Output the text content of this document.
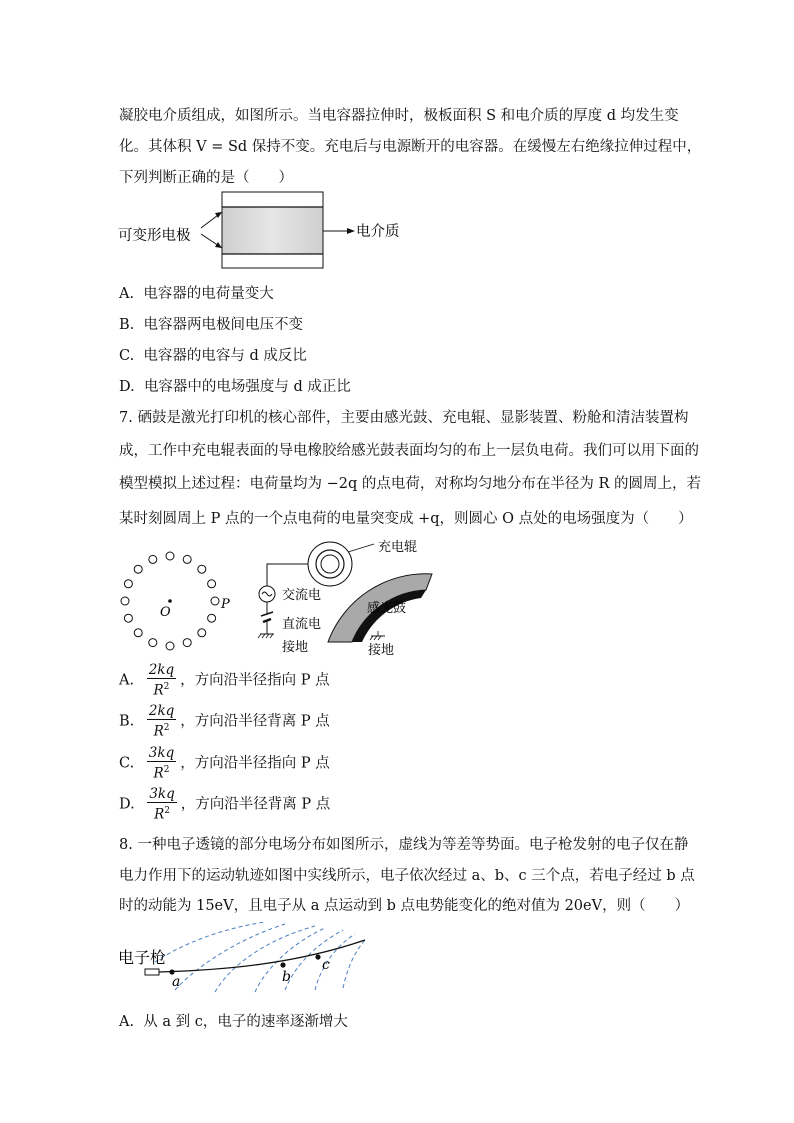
凝胶电介质组成，如图所示。当电容器拉伸时，极板面积 S 和电介质的厚度 d 均发生变
化。其体积 V = Sd 保持不变。充电后与电源断开的电容器。在缓慢左右绝缘拉伸过程中，
下列判断正确的是（　　）
可变形电极	电介质
A. 电容器的电荷量变大
B. 电容器两电极间电压不变
C. 电容器的电容与 d 成反比
D. 电容器中的电场强度与 d 成正比
7. 硒鼓是激光打印机的核心部件，主要由感光鼓、充电辊、显影装置、粉舱和清洁装置构
成，工作中充电辊表面的导电橡胶给感光鼓表面均匀的布上一层负电荷。我们可以用下面的
模型模拟上述过程：电荷量均为 −2q 的点电荷，对称均匀地分布在半径为 R 的圆周上，若
某时刻圆周上 P 点的一个点电荷的电量突变成 +q，则圆心 O 点处的电场强度为（　　）
O
P
充电辊
交流电
直流电
接地
感光鼓
接地
A. $\frac{2kq}{R^2}$ ，方向沿半径指向 P 点
B. $\frac{2kq}{R^2}$ ，方向沿半径背离 P 点
C. $\frac{3kq}{R^2}$ ，方向沿半径指向 P 点
D. $\frac{3kq}{R^2}$ ，方向沿半径背离 P 点
8. 一种电子透镜的部分电场分布如图所示，虚线为等差等势面。电子枪发射的电子仅在静
电力作用下的运动轨迹如图中实线所示，电子依次经过 a、b、c 三个点，若电子经过 b 点
时的动能为 15eV，且电子从 a 点运动到 b 点电势能变化的绝对值为 20eV，则（　　）
电子枪
a	b
c
A. 从 a 到 c，电子的速率逐渐增大
